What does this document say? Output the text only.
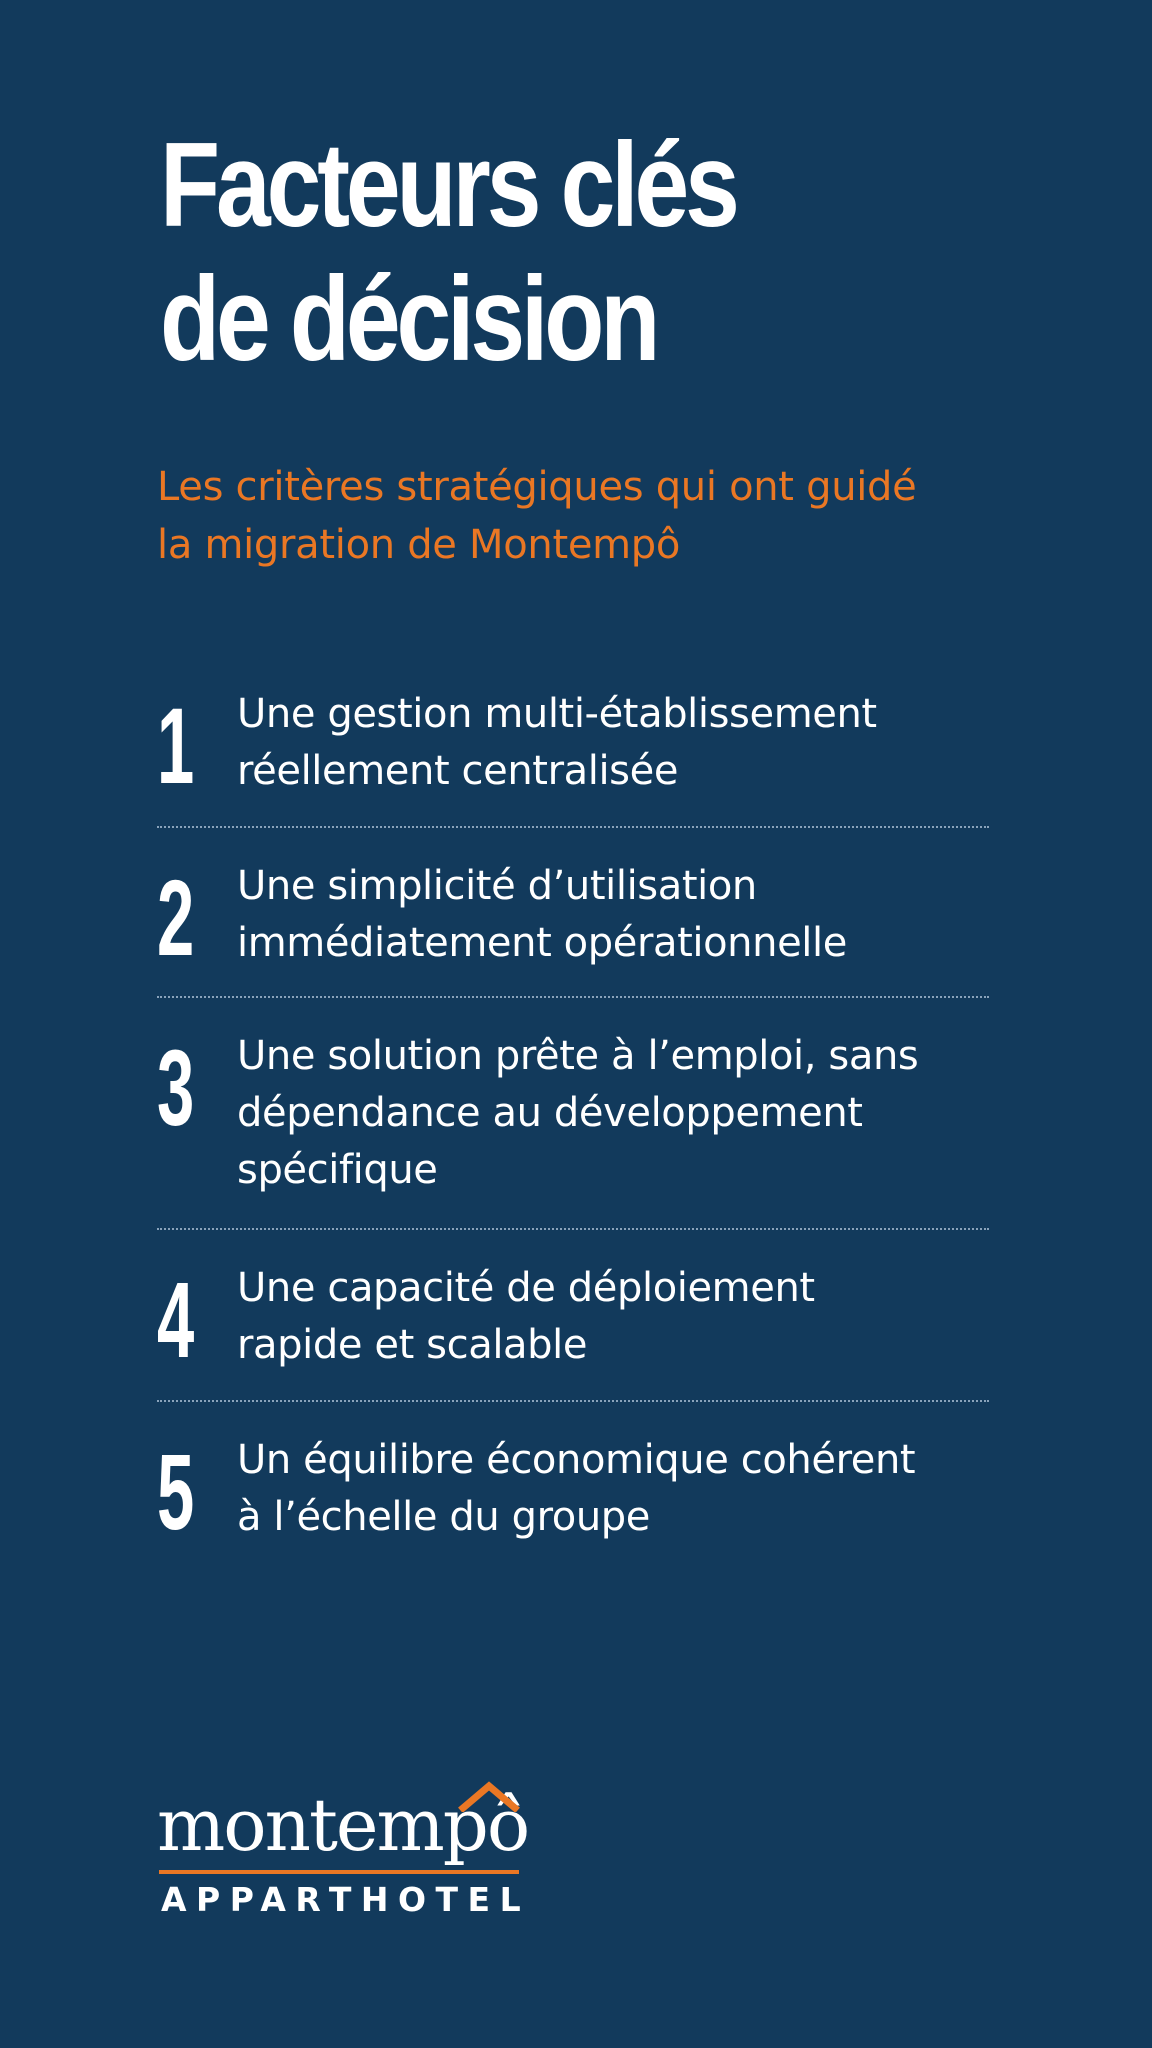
Facteurs clés
de décision

Les critères stratégiques qui ont guidé
la migration de Montempô

1 Une gestion multi-établissement
réellement centralisée
2 Une simplicité d’utilisation
immédiatement opérationnelle
3 Une solution prête à l’emploi, sans
dépendance au développement
spécifique
4 Une capacité de déploiement
rapide et scalable
5 Un équilibre économique cohérent
à l’échelle du groupe
montempô
APPARTHOTEL
